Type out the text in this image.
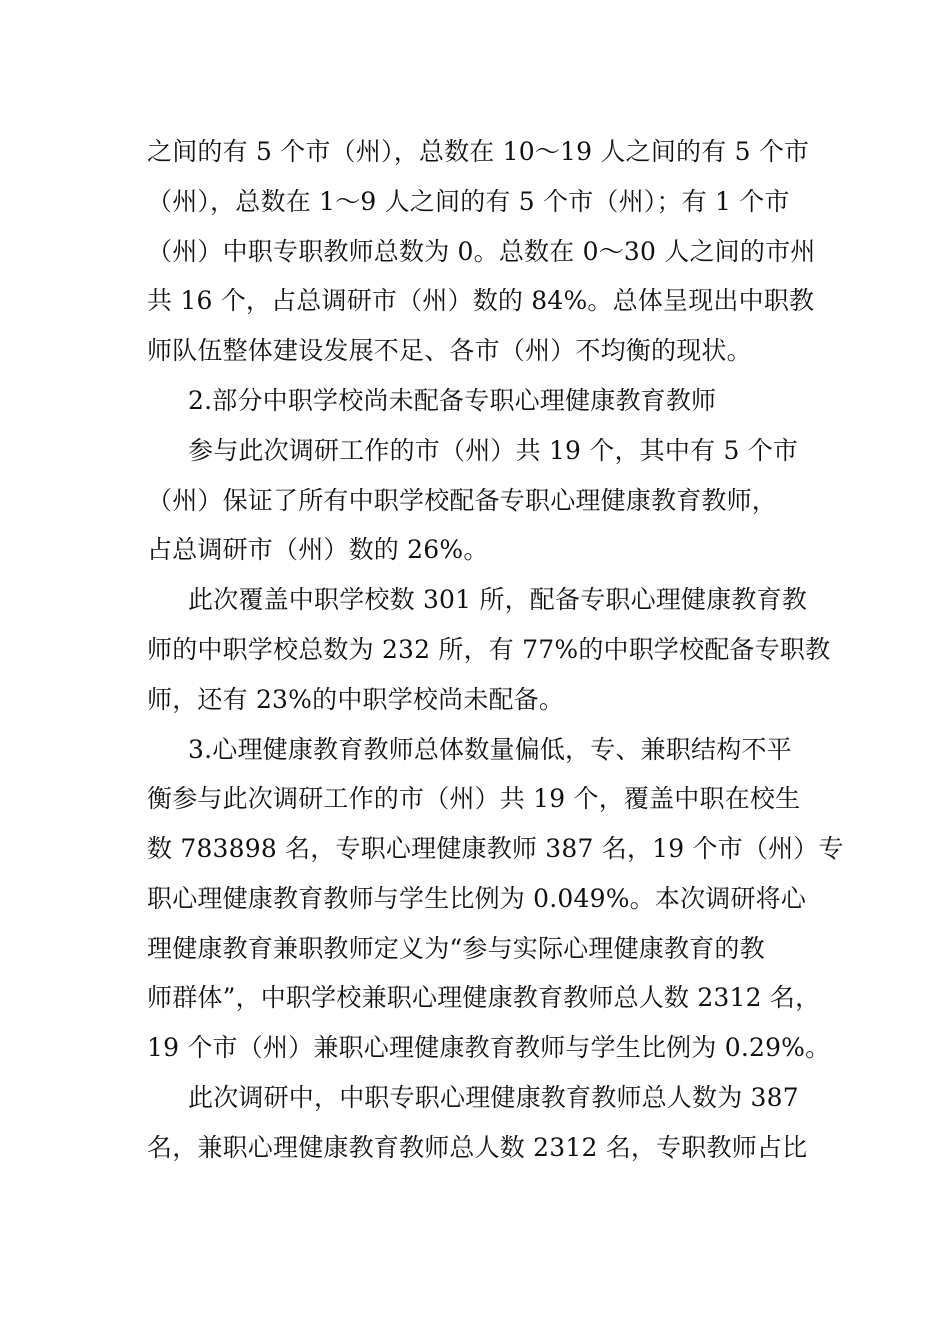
之间的有 5 个市（州），总数在 10～19 人之间的有 5 个市
（州），总数在 1～9 人之间的有 5 个市（州）；有 1 个市
（州）中职专职教师总数为 0。总数在 0～30 人之间的市州
共 16 个，占总调研市（州）数的 84%。总体呈现出中职教
师队伍整体建设发展不足、各市（州）不均衡的现状。
2.部分中职学校尚未配备专职心理健康教育教师
参与此次调研工作的市（州）共 19 个，其中有 5 个市
（州）保证了所有中职学校配备专职心理健康教育教师，
占总调研市（州）数的 26%。
此次覆盖中职学校数 301 所，配备专职心理健康教育教
师的中职学校总数为 232 所，有 77%的中职学校配备专职教
师，还有 23%的中职学校尚未配备。
3.心理健康教育教师总体数量偏低，专、兼职结构不平
衡参与此次调研工作的市（州）共 19 个，覆盖中职在校生
数 783898 名，专职心理健康教师 387 名，19 个市（州）专
职心理健康教育教师与学生比例为 0.049%。本次调研将心
理健康教育兼职教师定义为“参与实际心理健康教育的教
师群体”，中职学校兼职心理健康教育教师总人数 2312 名，
19 个市（州）兼职心理健康教育教师与学生比例为 0.29%。
此次调研中，中职专职心理健康教育教师总人数为 387
名，兼职心理健康教育教师总人数 2312 名，专职教师占比
